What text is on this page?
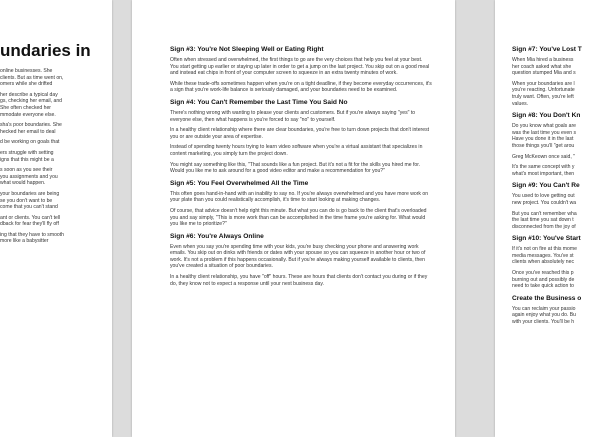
undaries in

online businesses. She
clients. But as time went on,
omers while she drifted

her describe a typical day
gs, checking her email, and
She often checked her
mmodate everyone else.

sha's poor boundaries. She
hecked her email to deal

d be working on goals that

ers struggle with setting
igns that this might be a

s soon as you see their
you assignments and you
what would happen.

your boundaries are being
se you don't want to be
come that you can't stand

ant or clients. You can't tell
dback for fear they'll fly off

ing that they have to smooth
more like a babysitter

Sign #3: You're Not Sleeping Well or Eating Right

Often when stressed and overwhelmed, the first things to go are the very choices that help you feel at your best. You start getting up earlier or staying up later in order to get a jump on the last project. You skip out on a good meal and instead eat chips in front of your computer screen to squeeze in an extra twenty minutes of work.

While these trade-offs sometimes happen when you're on a tight deadline, if they become everyday occurrences, it's a sign that you're work-life balance is seriously damaged, and your boundaries need to be examined.

Sign #4: You Can't Remember the Last Time You Said No

There's nothing wrong with wanting to please your clients and customers. But if you're always saying "yes" to everyone else, then what happens is you're forced to say "no" to yourself.

In a healthy client relationship where there are clear boundaries, you're free to turn down projects that don't interest you or are outside your area of expertise.

Instead of spending twenty hours trying to learn video software when you're a virtual assistant that specializes in content marketing, you simply turn the project down.

You might say something like this, "That sounds like a fun project. But it's not a fit for the skills you hired me for. Would you like me to ask around for a good video editor and make a recommendation for you?"

Sign #5: You Feel Overwhelmed All the Time

This often goes hand-in-hand with an inability to say no. If you're always overwhelmed and you have more work on your plate than you could realistically accomplish, it's time to start looking at making changes.

Of course, that advice doesn't help right this minute. But what you can do is go back to the client that's overloaded you and say simply, "This is more work than can be accomplished in the time frame you're asking for. What would you like me to prioritize?"

Sign #6: You're Always Online

Even when you say you're spending time with your kids, you're busy checking your phone and answering work emails. You skip out on dinks with friends or dates with your spouse so you can squeeze in another hour or two of work. It's not a problem if this happens occasionally. But if you're always making yourself available to clients, then you've created a situation of poor boundaries.

In a healthy client relationship, you have "off" hours. These are hours that clients don't contact you during or if they do, they know not to expect a response until your next business day.

Sign #7: You've Lost T

When Mia hired a business
her coach asked what she
question stumped Mia and s

When your boundaries are l
you're reacting. Unfortunate
truly want. Often, you're left
values.

Sign #8: You Don't Kn

Do you know what goals are
was the last time you even s
Have you done it in the last
those things you'll "get arou

Greg McKeown once said, "

It's the same concept with y
what's most important, then

Sign #9: You Can't Re

You used to love getting out
new project. You couldn't wa

But you can't remember wha
the last time you sat down t
disconnected from the joy of

Sign #10: You've Start

If it's not on fire at this mome
media messages. You've st
clients when absolutely nec

Once you've reached this p
burning out and possibly de
need to take quick action to

Create the Business o

You can reclaim your passio
again enjoy what you do. Bu
with your clients. You'll be h
